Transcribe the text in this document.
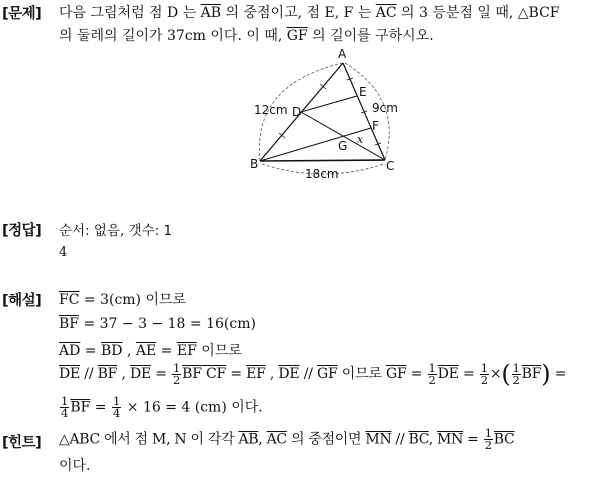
[문제] 다음 그림처럼 점 D 는 $\overline{AB}$ 의 중점이고, 점 E, F 는 $\overline{AC}$ 의 3 등분점 일 때, △BCF
의 둘레의 길이가 37cm 이다. 이 때, $\overline{GF}$ 의 길이를 구하시오.
A
B	C
D
E
F
G x
12cm	9cm
18cm
[정답] 순서: 없음, 갯수: 1
4
[해설] $\overline{FC} = 3(cm)$ 이므로
$\overline{BF} = 37 - 3 - 18 = 16(cm)$
$\overline{AD} = \overline{BD}$ , $\overline{AE} = \overline{EF}$ 이므로
$\overline{DE} // \overline{BF}$ , $\overline{DE} = \frac{1}{2} \overline{BF}$ CF = $\overline{EF}$ , $\overline{DE} // \overline{GF}$ 이므로 $\overline{GF} = \frac{1}{2} \overline{DE} = \frac{1}{2}$ ×( $\frac{1}{2} \overline{BF}$) =
$\frac{1}{4} \overline{BF} = \frac{1}{4} \times 16 = 4$ (cm) 이다.
[힌트] △ABC 에서 점 M, N 이 각각 $\overline{AB}$, $\overline{AC}$ 의 중점이면 $\overline{MN} // \overline{BC}$, $\overline{MN} = \frac{1}{2} \overline{BC}$
이다.
